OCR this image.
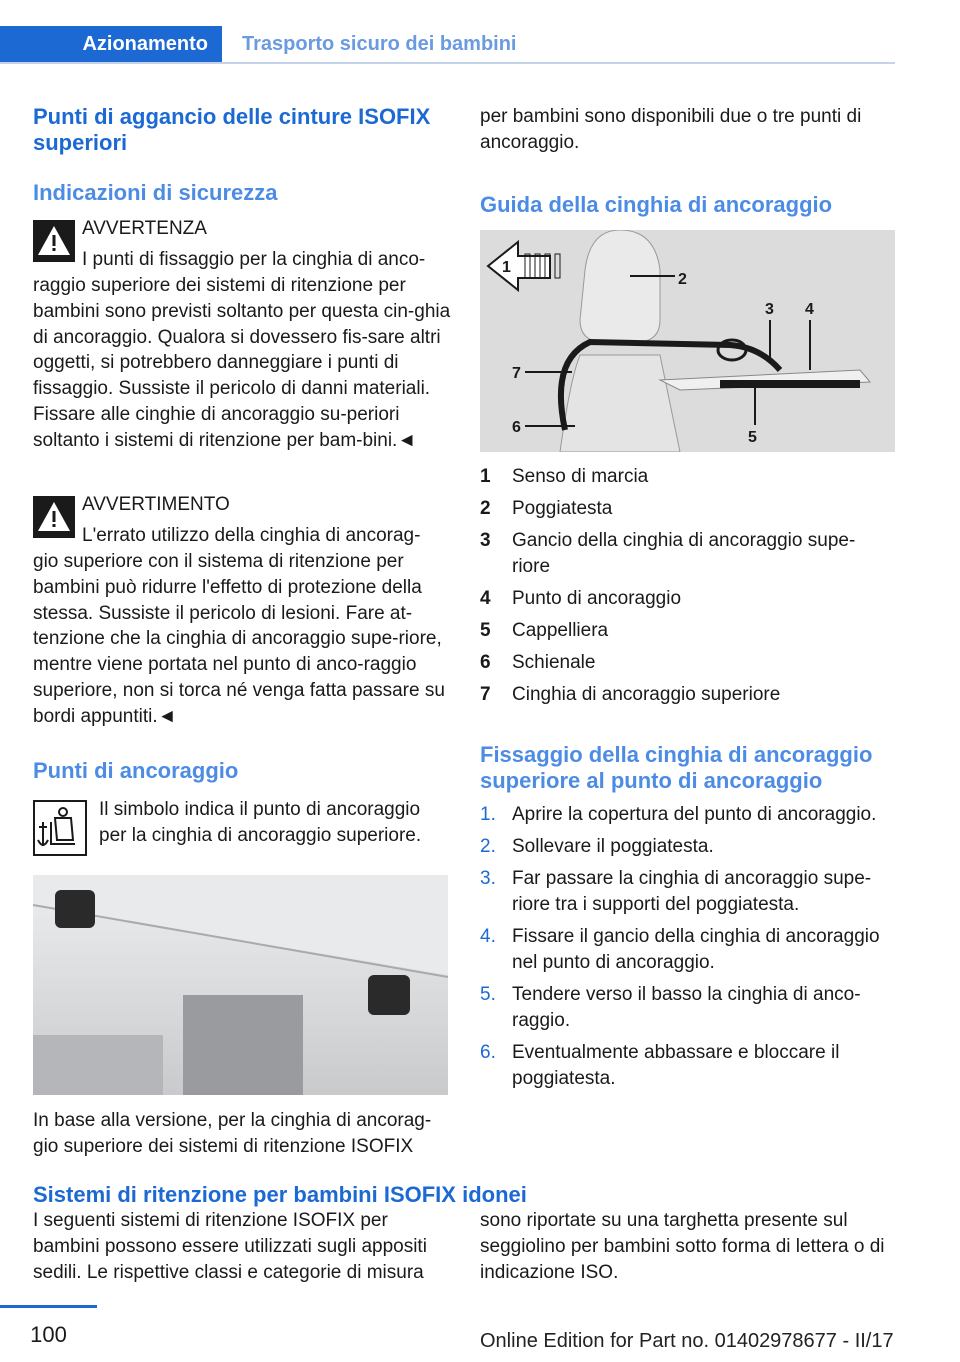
Azionamento	Trasporto sicuro dei bambini
Punti di aggancio delle cinture ISOFIX superiori
Indicazioni di sicurezza
AVVERTENZA
I punti di fissaggio per la cinghia di anco-
raggio superiore dei sistemi di ritenzione per bambini sono previsti soltanto per questa cin-ghia di ancoraggio. Qualora si dovessero fis-sare altri oggetti, si potrebbero danneggiare i punti di fissaggio. Sussiste il pericolo di danni materiali. Fissare alle cinghie di ancoraggio su-periori soltanto i sistemi di ritenzione per bam-bini.◄
AVVERTIMENTO
L'errato utilizzo della cinghia di ancorag-
gio superiore con il sistema di ritenzione per bambini può ridurre l'effetto di protezione della stessa. Sussiste il pericolo di lesioni. Fare at-tenzione che la cinghia di ancoraggio supe-riore, mentre viene portata nel punto di anco-raggio superiore, non si torca né venga fatta passare su bordi appuntiti.◄
Punti di ancoraggio
Il simbolo indica il punto di ancoraggio per la cinghia di ancoraggio superiore.
In base alla versione, per la cinghia di ancorag-gio superiore dei sistemi di ritenzione ISOFIX
per bambini sono disponibili due o tre punti di ancoraggio.
Guida della cinghia di ancoraggio
1
2
3 4
5
6
7
1 Senso di marcia
2 Poggiatesta
3 Gancio della cinghia di ancoraggio supe-riore
4 Punto di ancoraggio
5 Cappelliera
6 Schienale
7 Cinghia di ancoraggio superiore
Fissaggio della cinghia di ancoraggio superiore al punto di ancoraggio
1. Aprire la copertura del punto di ancoraggio.
2. Sollevare il poggiatesta.
3. Far passare la cinghia di ancoraggio supe-riore tra i supporti del poggiatesta.
4. Fissare il gancio della cinghia di ancoraggio nel punto di ancoraggio.
5. Tendere verso il basso la cinghia di anco-raggio.
6. Eventualmente abbassare e bloccare il poggiatesta.
Sistemi di ritenzione per bambini ISOFIX idonei
I seguenti sistemi di ritenzione ISOFIX per bambini possono essere utilizzati sugli appositi sedili. Le rispettive classi e categorie di misura
sono riportate su una targhetta presente sul seggiolino per bambini sotto forma di lettera o di indicazione ISO.
100	Online Edition for Part no. 01402978677 - II/17
